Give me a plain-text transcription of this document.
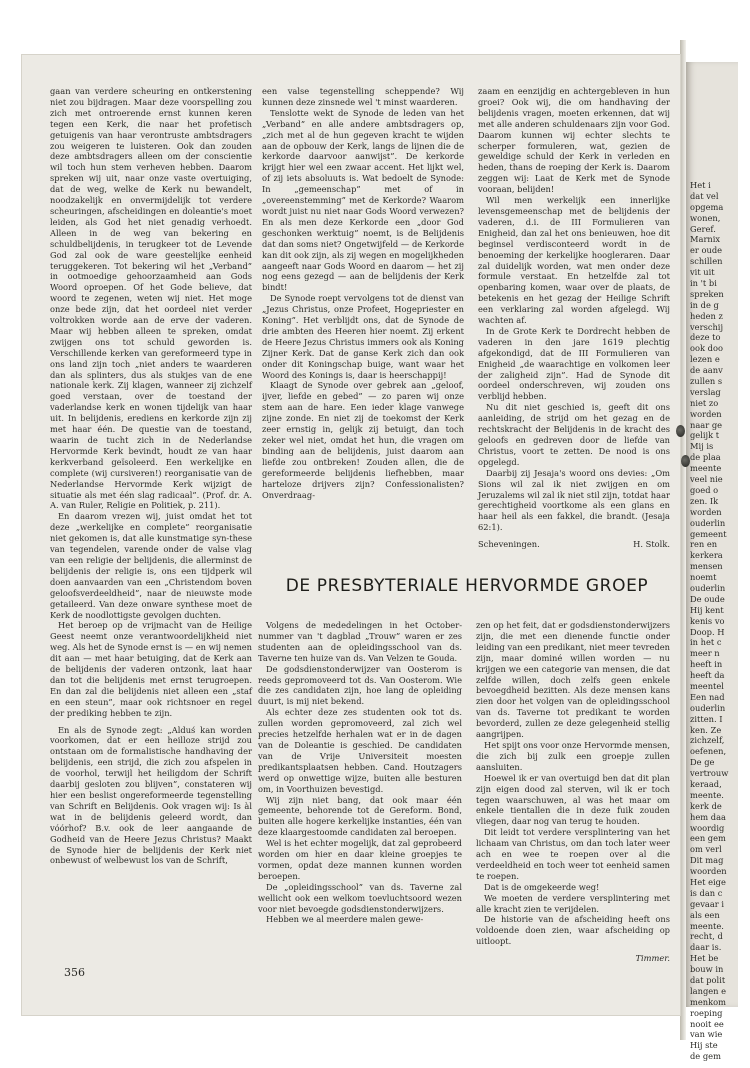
Het i
dat vel
opgema
wonen,
Geref.
Marnix
er oude
schillen
vit uit
in 't bi
spreken
in de g
heden z
verschij
deze to
ook doo
lezen e
de aanv
zullen s
verslag
niet zo
worden
naar ge
gelijk t
Mij is
de plaa
meente
veel nie
goed o
zen. Ik
worden
ouderlin
gemeent
ren en
kerkera
mensen
noemt
ouderlin
De oude
Hij kent
kenis vo
Doop. H
in het c
meer n
heeft in
heeft da
meentel
Een nad
ouderlin
zitten. I
ken. Ze
zichzelf,
oefenen,
De ge
vertrouw
keraad,
meente.
kerk de
hem daa
woordig
een gem
om verl
Dit mag
woorden
Het eige
is dan c
gevaar i
als een
meente.
recht, d
daar is.
Het be
bouw in
dat polit
langen e
menkom
roeping
nooit ee
van wie
Hij ste
de gem

gaan van verdere scheuring en ontkerstening niet zou bijdragen. Maar deze voorspelling zou zich met ontroerende ernst kunnen keren tegen een Kerk, die naar het profetisch getuigenis van haar verontruste ambtsdragers zou weigeren te luisteren. Ook dan zouden deze ambtsdragers alleen om der conscientie wil toch hun stem verheven hebben. Daarom spreken wij uit, naar onze vaste overtuiging, dat de weg, welke de Kerk nu bewandelt, noodzakelijk en onvermijdelijk tot verdere scheuringen, afscheidingen en doleantie's moet leiden, als God het niet genadig verhoedt. Alleen in de weg van bekering en schuldbelijdenis, in terugkeer tot de Levende God zal ook de ware geestelijke eenheid teruggekeren. Tot bekering wil het „Verband” in ootmoedige gehoorzaamheid aan Gods Woord oproepen. Of het Gode believe, dat woord te zegenen, weten wij niet. Het moge onze bede zijn, dat het oordeel niet verder voltrokken worde aan de erve der vaderen. Maar wij hebben alleen te spreken, omdat zwijgen ons tot schuld geworden is. Verschillende kerken van gereformeerd type in ons land zijn toch „niet anders te waarderen dan als splinters, dus als stukjes van de ene nationale kerk. Zij klagen, wanneer zij zichzelf goed verstaan, over de toestand der vaderlandse kerk en wonen tijdelijk van haar uit. In belijdenis, erediens en kerkorde zijn zij met haar één. De questie van de toestand, waarin de tucht zich in de Nederlandse Hervormde Kerk bevindt, houdt ze van haar kerkverband geïsoleerd. Een werkelijke en complete (wij cursiveren!) reorganisatie van de Nederlandse Hervormde Kerk wijzigt de situatie als met één slag radicaal”. (Prof. dr. A. A. van Ruler, Religie en Politiek, p. 211).

En daarom vrezen wij, juist omdat het tot deze „werkelijke en complete” reorganisatie niet gekomen is, dat alle kunstmatige syn-these van tegendelen, varende onder de valse vlag van een religie der belijdenis, die allerminst de belijdenis der religie is, ons een tijdperk wil doen aanvaarden van een „Christendom boven geloofsverdeeldheid”, naar de nieuwste mode getaileerd. Van deze onware synthese moet de Kerk de noodlottigste gevolgen duchten.

Het beroep op de vrijmacht van de Heilige Geest neemt onze verantwoordelijkheid niet weg. Als het de Synode ernst is — en wij nemen dit aan — met haar betuiging, dat de Kerk aan de belijdenis der vaderen ontzonk, laat haar dan tot die belijdenis met ernst terugroepen. En dan zal die belijdenis niet alleen een „staf en een steun”, maar ook richtsnoer en regel der prediking hebben te zijn.

En als de Synode zegt: „Alduś kan worden voorkomen, dat er een heilloze strijd zou ontstaan om de formalistische handhaving der belijdenis, een strijd, die zich zou afspelen in de voorhol, terwijl het heiligdom der Schrift daarbij gesloten zou blijven”, constateren wij hier een beslist ongereformeerde tegenstelling van Schrift en Belijdenis. Ook vragen wij: Is àl wat in de belijdenis geleerd wordt, dan vóórhof? B.v. ook de leer aangaande de Godheid van de Heere Jezus Christus? Maakt de Synode hier de belijdenis der Kerk niet onbewust of welbewust los van de Schrift,

een valse tegenstelling scheppende? Wij kunnen deze zinsnede wel 't minst waarderen.

Tenslotte wekt de Synode de leden van het „Verband” en alle andere ambtsdragers op, „zich met al de hun gegeven kracht te wijden aan de opbouw der Kerk, langs de lijnen die de kerkorde daarvoor aanwijst”. De kerkorde krijgt hier wel een zwaar accent. Het lijkt wel, of zij iets absoluuts is. Wat bedoelt de Synode: In „gemeenschap” met of in „overeenstemming” met de Kerkorde? Waarom wordt juist nu niet naar Gods Woord verwezen? En als men deze Kerkorde een „door God geschonken werktuig” noemt, is de Belijdenis dat dan soms niet? Ongetwijfeld — de Kerkorde kan dit ook zijn, als zij wegen en mogelijkheden aangeeft naar Gods Woord en daarom — het zij nog eens gezegd — aan de belijdenis der Kerk bindt!

De Synode roept vervolgens tot de dienst van „Jezus Christus, onze Profeet, Hogepriester en Koning”. Het verblijdt ons, dat de Synode de drie ambten des Heeren hier noemt. Zij erkent de Heere Jezus Christus immers ook als Koning Zijner Kerk. Dat de ganse Kerk zich dan ook onder dit Koningschap buige, want waar het Woord des Konings is, daar is heerschappij!

Klaagt de Synode over gebrek aan „geloof, ijver, liefde en gebed” — zo paren wij onze stem aan de hare. Een ieder klage vanwege zijne zonde. En niet zij de toekomst der Kerk zeer ernstig in, gelijk zij betuigt, dan toch zeker wel niet, omdat het hun, die vragen om binding aan de belijdenis, juist daarom aan liefde zou ontbreken! Zouden allen, die de gereformeerde belijdenis liefhebben, maar harteloze drijvers zijn? Confessionalisten? Onverdraag-

zaam en eenzijdig en achtergebleven in hun groei? Ook wij, die om handhaving der belijdenis vragen, moeten erkennen, dat wij met alle anderen schuldenaars zijn voor God. Daarom kunnen wij echter slechts te scherper formuleren, wat, gezien de geweldige schuld der Kerk in verleden en heden, thans de roeping der Kerk is. Daarom zeggen wij: Laat de Kerk met de Synode vooraan, belijden!

Wil men werkelijk een innerlijke levensgemeenschap met de belijdenis der vaderen, d.i. de III Formulieren van Enigheid, dan zal het ons benieuwen, hoe dit beginsel verdisconteerd wordt in de benoeming der kerkelijke hoogleraren. Daar zal duidelijk worden, wat men onder deze formule verstaat. En hetzelfde zal tot openbaring komen, waar over de plaats, de betekenis en het gezag der Heilige Schrift een verklaring zal worden afgelegd. Wij wachten af.

In de Grote Kerk te Dordrecht hebben de vaderen in den jare 1619 plechtig afgekondigd, dat de III Formulieren van Enigheid „de waarachtige en volkomen leer der zaligheid zijn”. Had de Synode dit oordeel onderschreven, wij zouden ons verblijd hebben.

Nu dit niet geschied is, geeft dit ons aanleiding, de strijd om het gezag en de rechtskracht der Belijdenis in de kracht des geloofs en gedreven door de liefde van Christus, voort te zetten. De nood is ons opgelegd.

Daarbij zij Jesaja's woord ons devies: „Om Sions wil zal ik niet zwijgen en om Jeruzalems wil zal ik niet stil zijn, totdat haar gerechtigheid voortkome als een glans en haar heil als een fakkel, die brandt. (Jesaja 62:1).

Scheveningen.	H. Stolk.
DE PRESBYTERIALE HERVORMDE GROEP

Volgens de mededelingen in het October-nummer van 't dagblad „Trouw” waren er zes studenten aan de opleidingsschool van ds. Taverne ten huize van ds. Van Velzen te Gouda.

De godsdienstonderwijzer van Oosterom is reeds gepromoveerd tot ds. Van Oosterom. Wie die zes candidaten zijn, hoe lang de opleiding duurt, is mij niet bekend.

Als echter deze zes studenten ook tot ds. zullen worden gepromoveerd, zal zich wel precies hetzelfde herhalen wat er in de dagen van de Doleantie is geschied. De candidaten van de Vrije Universiteit moesten predikantsplaatsen hebben. Cand. Houtzagers werd op onwettige wijze, buiten alle besturen om, in Voorthuizen bevestigd.

Wij zijn niet bang, dat ook maar één gemeente, behorende tot de Gereform. Bond, buiten alle hogere kerkelijke instanties, één van deze klaargestoomde candidaten zal beroepen.

Wel is het echter mogelijk, dat zal geprobeerd worden om hier en daar kleine groepjes te vormen, opdat deze mannen kunnen worden beroepen.

De „opleidingsschool” van ds. Taverne zal wellicht ook een welkom toevluchtsoord wezen voor niet bevoegde godsdienstonderwijzers.

Hebben we al meerdere malen gewe-

zen op het feit, dat er godsdienstonderwijzers zijn, die met een dienende functie onder leiding van een predikant, niet meer tevreden zijn, maar dominé willen worden — nu krijgen we een categorie van mensen, die dat zelfde willen, doch zelfs geen enkele bevoegdheid bezitten. Als deze mensen kans zien door het volgen van de opleidingsschool van ds. Taverne tot predikant te worden bevorderd, zullen ze deze gelegenheid stellig aangrijpen.

Het spijt ons voor onze Hervormde mensen, die zich bij zulk een groepje zullen aansluiten.

Hoewel ik er van overtuigd ben dat dit plan zijn eigen dood zal sterven, wil ik er toch tegen waarschuwen, al was het maar om enkele tientallen die in deze fuik zouden vliegen, daar nog van terug te houden.

Dit leidt tot verdere versplintering van het lichaam van Christus, om dan toch later weer ach en wee te roepen over al die verdeeldheid en toch weer tot eenheid samen te roepen.

Dat is de omgekeerde weg!

We moeten de verdere versplintering met alle kracht zien te verijdelen.

De historie van de afscheiding heeft ons voldoende doen zien, waar afscheiding op uitloopt.

Timmer.
356
